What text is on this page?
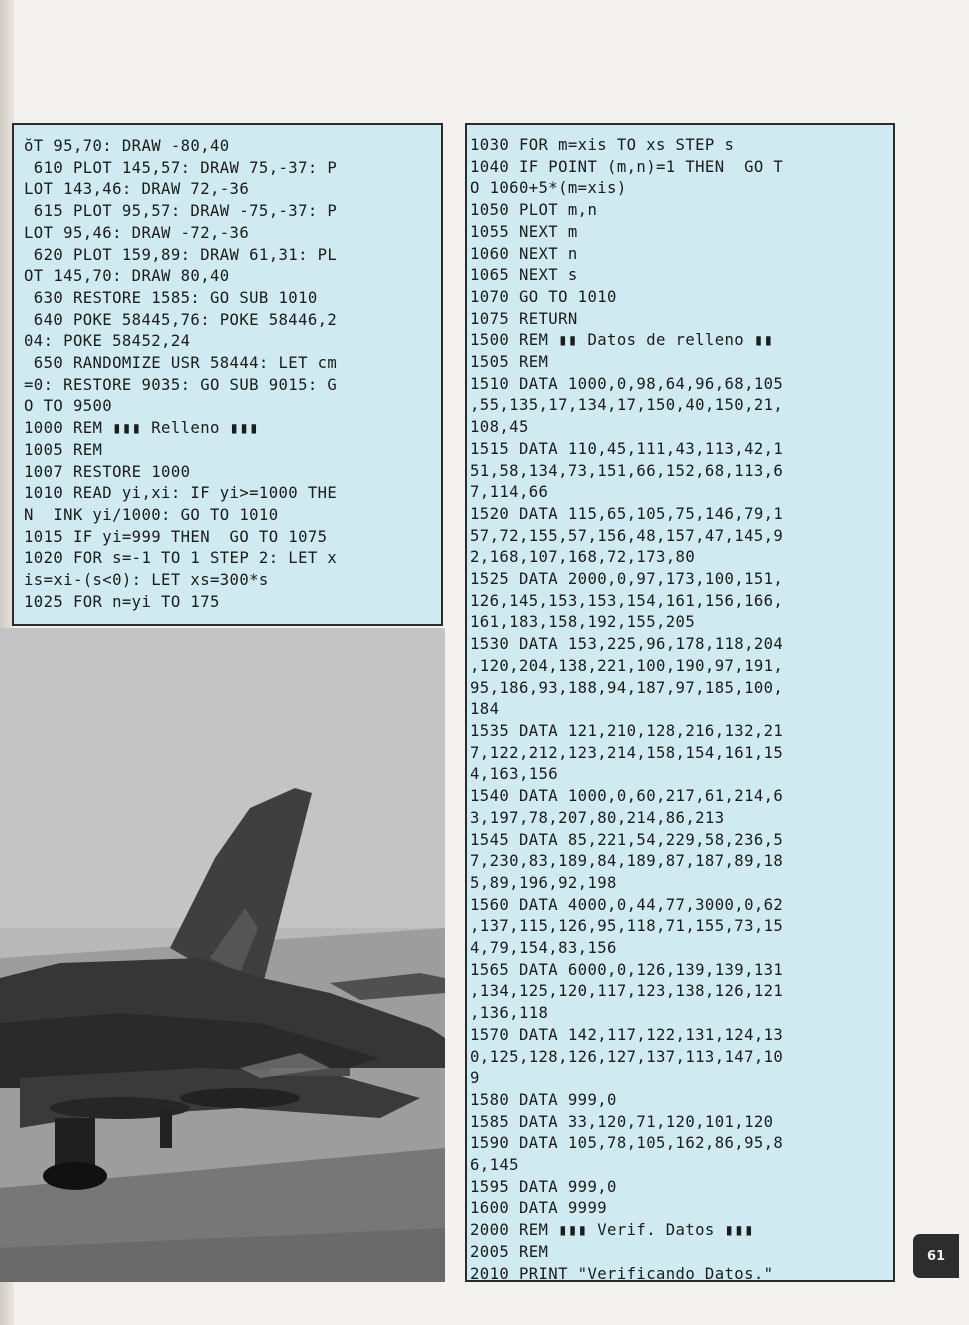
ŏT 95,70: DRAW -80,40
610 PLOT 145,57: DRAW 75,-37: P
LOT 143,46: DRAW 72,-36
615 PLOT 95,57: DRAW -75,-37: P
LOT 95,46: DRAW -72,-36
620 PLOT 159,89: DRAW 61,31: PL
OT 145,70: DRAW 80,40
630 RESTORE 1585: GO SUB 1010
640 POKE 58445,76: POKE 58446,2
04: POKE 58452,24
650 RANDOMIZE USR 58444: LET cm
=0: RESTORE 9035: GO SUB 9015: G
O TO 9500
1000 REM ▮▮▮ Relleno ▮▮▮
1005 REM
1007 RESTORE 1000
1010 READ yi,xi: IF yi>=1000 THE
N  INK yi/1000: GO TO 1010
1015 IF yi=999 THEN  GO TO 1075
1020 FOR s=-1 TO 1 STEP 2: LET x
is=xi-(s<0): LET xs=300*s
1025 FOR n=yi TO 175
1030 FOR m=xis TO xs STEP s
1040 IF POINT (m,n)=1 THEN  GO T
O 1060+5*(m=xis)
1050 PLOT m,n
1055 NEXT m
1060 NEXT n
1065 NEXT s
1070 GO TO 1010
1075 RETURN
1500 REM ▮▮ Datos de relleno ▮▮
1505 REM
1510 DATA 1000,0,98,64,96,68,105
,55,135,17,134,17,150,40,150,21,
108,45
1515 DATA 110,45,111,43,113,42,1
51,58,134,73,151,66,152,68,113,6
7,114,66
1520 DATA 115,65,105,75,146,79,1
57,72,155,57,156,48,157,47,145,9
2,168,107,168,72,173,80
1525 DATA 2000,0,97,173,100,151,
126,145,153,153,154,161,156,166,
161,183,158,192,155,205
1530 DATA 153,225,96,178,118,204
,120,204,138,221,100,190,97,191,
95,186,93,188,94,187,97,185,100,
184
1535 DATA 121,210,128,216,132,21
7,122,212,123,214,158,154,161,15
4,163,156
1540 DATA 1000,0,60,217,61,214,6
3,197,78,207,80,214,86,213
1545 DATA 85,221,54,229,58,236,5
7,230,83,189,84,189,87,187,89,18
5,89,196,92,198
1560 DATA 4000,0,44,77,3000,0,62
,137,115,126,95,118,71,155,73,15
4,79,154,83,156
1565 DATA 6000,0,126,139,139,131
,134,125,120,117,123,138,126,121
,136,118
1570 DATA 142,117,122,131,124,13
0,125,128,126,127,137,113,147,10
9
1580 DATA 999,0
1585 DATA 33,120,71,120,101,120
1590 DATA 105,78,105,162,86,95,8
6,145
1595 DATA 999,0
1600 DATA 9999
2000 REM ▮▮▮ Verif. Datos ▮▮▮
2005 REM
2010 PRINT "Verificando Datos."
61
